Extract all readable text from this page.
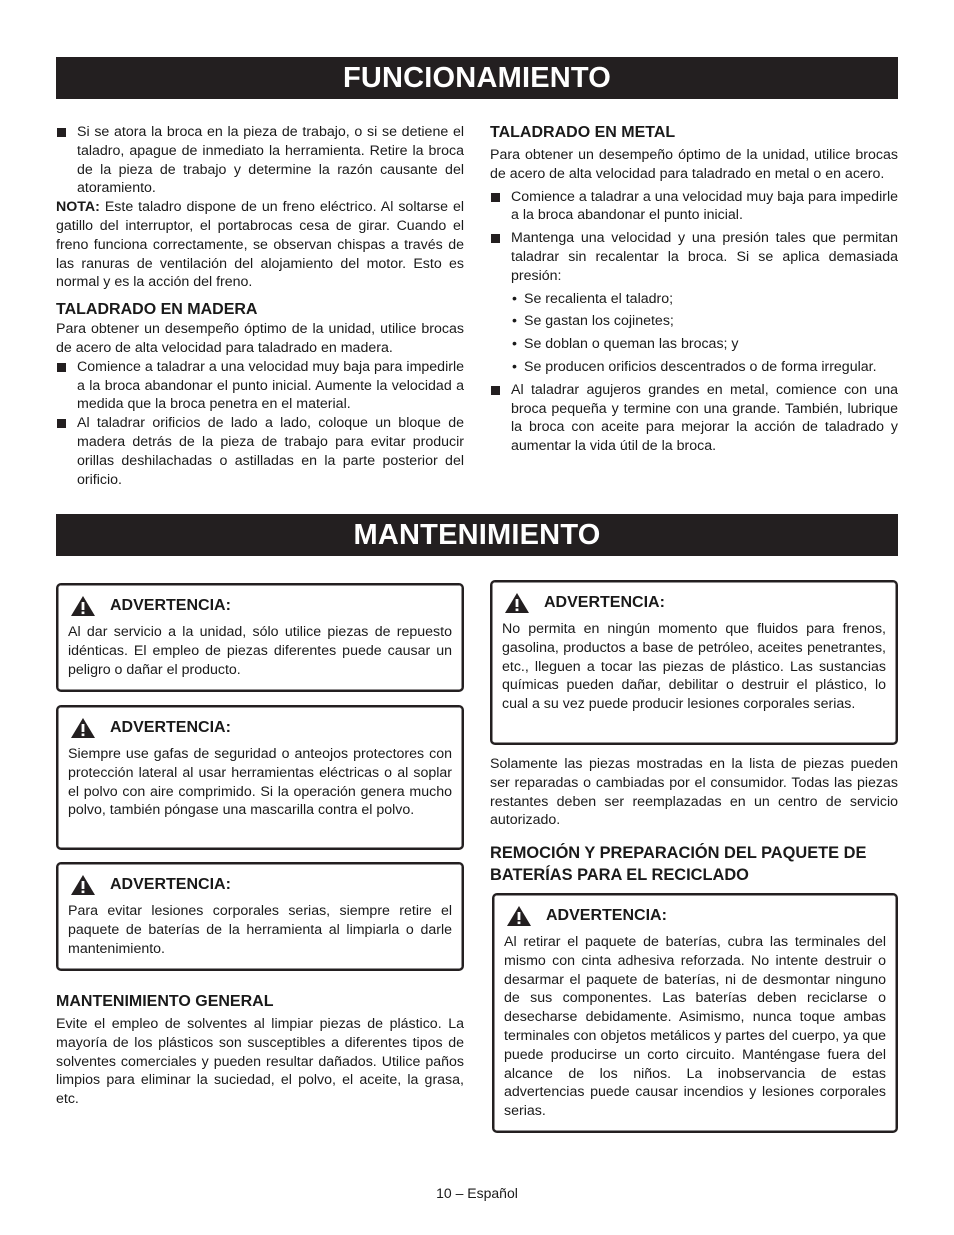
FUNCIONAMIENTO
Si se atora la broca en la pieza de trabajo, o si se detiene el taladro, apague de inmediato la herramienta. Retire la broca de la pieza de trabajo y determine la razón causante del atoramiento.

NOTA: Este taladro dispone de un freno eléctrico. Al soltarse el gatillo del interruptor, el portabrocas cesa de girar. Cuando el freno funciona correctamente, se observan chispas a través de las ranuras de ventilación del alojamiento del motor. Esto es normal y es la acción del freno.

TALADRADO EN MADERA

Para obtener un desempeño óptimo de la unidad, utilice brocas de acero de alta velocidad para taladrado en madera.

Comience a taladrar a una velocidad muy baja para impedirle a la broca abandonar el punto inicial. Aumente la velocidad a medida que la broca penetra en el material.
Al taladrar orificios de lado a lado, coloque un bloque de madera detrás de la pieza de trabajo para evitar producir orillas deshilachadas o astilladas en la parte posterior del orificio.
TALADRADO EN METAL

Para obtener un desempeño óptimo de la unidad, utilice brocas de acero de alta velocidad para taladrado en metal o en acero.

Comience a taladrar a una velocidad muy baja para impedirle a la broca abandonar el punto inicial.
Mantenga una velocidad y una presión tales que permitan taladrar sin recalentar la broca. Si se aplica demasiada presión:
• Se recalienta el taladro;
• Se gastan los cojinetes;
• Se doblan o queman las brocas; y
• Se producen orificios descentrados o de forma irregular.
Al taladrar agujeros grandes en metal, comience con una broca pequeña y termine con una grande. También, lubrique la broca con aceite para mejorar la acción de taladrado y aumentar la vida útil de la broca.
MANTENIMIENTO
ADVERTENCIA:

Al dar servicio a la unidad, sólo utilice piezas de repuesto idénticas. El empleo de piezas diferentes puede causar un peligro o dañar el producto.

ADVERTENCIA:

Siempre use gafas de seguridad o anteojos protectores con protección lateral al usar herramientas eléctricas o al soplar el polvo con aire comprimido. Si la operación genera mucho polvo, también póngase una mascarilla contra el polvo.

ADVERTENCIA:

Para evitar lesiones corporales serias, siempre retire el paquete de baterías de la herramienta al limpiarla o darle mantenimiento.

MANTENIMIENTO GENERAL

Evite el empleo de solventes al limpiar piezas de plástico. La mayoría de los plásticos son susceptibles a diferentes tipos de solventes comerciales y pueden resultar dañados. Utilice paños limpios para eliminar la suciedad, el polvo, el aceite, la grasa, etc.

ADVERTENCIA:

No permita en ningún momento que fluidos para frenos, gasolina, productos a base de petróleo, aceites penetrantes, etc., lleguen a tocar las piezas de plástico. Las sustancias químicas pueden dañar, debilitar o destruir el plástico, lo cual a su vez puede producir lesiones corporales serias.

Solamente las piezas mostradas en la lista de piezas pueden ser reparadas o cambiadas por el consumidor. Todas las piezas restantes deben ser reemplazadas en un centro de servicio autorizado.

REMOCIÓN Y PREPARACIÓN DEL PAQUETE DE BATERÍAS PARA EL RECICLADO
ADVERTENCIA:

Al retirar el paquete de baterías, cubra las terminales del mismo con cinta adhesiva reforzada. No intente destruir o desarmar el paquete de baterías, ni de desmontar ninguno de sus componentes. Las baterías deben reciclarse o desecharse debidamente. Asimismo, nunca toque ambas terminales con objetos metálicos y partes del cuerpo, ya que puede producirse un corto circuito. Manténgase fuera del alcance de los niños. La inobservancia de estas advertencias puede causar incendios y lesiones corporales serias.

10 – Español
